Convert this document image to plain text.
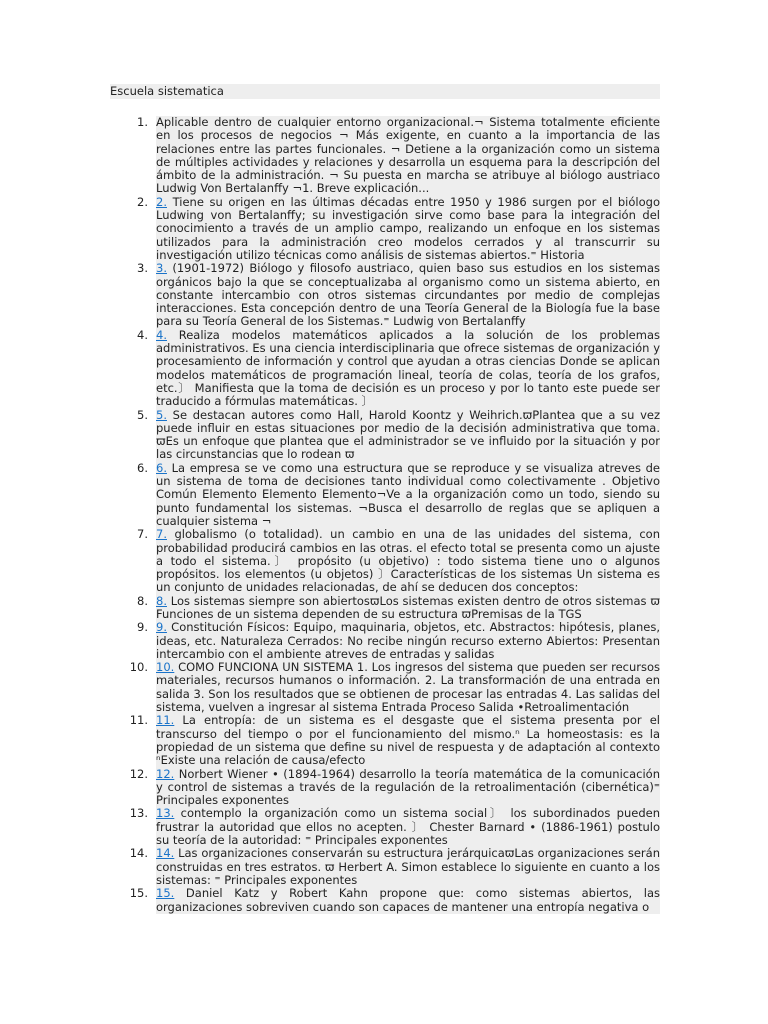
Escuela sistematica
1. Aplicable dentro de cualquier entorno organizacional.¬ Sistema totalmente eficiente en los procesos de negocios ¬ Más exigente, en cuanto a la importancia de las relaciones entre las partes funcionales. ¬ Detiene a la organización como un sistema de múltiples actividades y relaciones y desarrolla un esquema para la descripción del ámbito de la administración. ¬ Su puesta en marcha se atribuye al biólogo austriaco Ludwig Von Bertalanffy ¬1. Breve explicación...
2. 2. Tiene su origen en las últimas décadas entre 1950 y 1986 surgen por el biólogo Ludwing von Bertalanffy; su investigación sirve como base para la integración del conocimiento a través de un amplio campo, realizando un enfoque en los sistemas utilizados para la administración creo modelos cerrados y al transcurrir su investigación utilizo técnicas como análisis de sistemas abiertos.⁼ Historia
3. 3. (1901-1972) Biólogo y filosofo austriaco, quien baso sus estudios en los sistemas orgánicos bajo la que se conceptualizaba al organismo como un sistema abierto, en constante intercambio con otros sistemas circundantes por medio de complejas interacciones. Esta concepción dentro de una Teoría General de la Biología fue la base para su Teoría General de los Sistemas.⁼ Ludwig von Bertalanffy
4. 4. Realiza modelos matemáticos aplicados a la solución de los problemas administrativos. Es una ciencia interdisciplinaria que ofrece sistemas de organización y procesamiento de información y control que ayudan a otras ciencias Donde se aplican modelos matemáticos de programación lineal, teoría de colas, teoría de los grafos, etc.〕 Manifiesta que la toma de decisión es un proceso y por lo tanto este puede ser traducido a fórmulas matemáticas. 〕
5. 5. Se destacan autores como Hall, Harold Koontz y Weihrich.ϖPlantea que a su vez puede influir en estas situaciones por medio de la decisión administrativa que toma. ϖEs un enfoque que plantea que el administrador se ve influido por la situación y por las circunstancias que lo rodean ϖ
6. 6. La empresa se ve como una estructura que se reproduce y se visualiza atreves de un sistema de toma de decisiones tanto individual como colectivamente . Objetivo Común Elemento Elemento Elemento¬Ve a la organización como un todo, siendo su punto fundamental los sistemas. ¬Busca el desarrollo de reglas que se apliquen a cualquier sistema ¬
7. 7. globalismo (o totalidad). un cambio en una de las unidades del sistema, con probabilidad producirá cambios en las otras. el efecto total se presenta como un ajuste a todo el sistema.〕 propósito (u objetivo) : todo sistema tiene uno o algunos propósitos. los elementos (u objetos) 〕Características de los sistemas Un sistema es un conjunto de unidades relacionadas, de ahí se deducen dos conceptos:
8. 8. Los sistemas siempre son abiertosϖLos sistemas existen dentro de otros sistemas ϖ Funciones de un sistema dependen de su estructura ϖPremisas de la TGS
9. 9. Constitución Físicos: Equipo, maquinaria, objetos, etc. Abstractos: hipótesis, planes, ideas, etc. Naturaleza Cerrados: No recibe ningún recurso externo Abiertos: Presentan intercambio con el ambiente atreves de entradas y salidas
10. 10. COMO FUNCIONA UN SISTEMA 1. Los ingresos del sistema que pueden ser recursos materiales, recursos humanos o información. 2. La transformación de una entrada en salida 3. Son los resultados que se obtienen de procesar las entradas 4. Las salidas del sistema, vuelven a ingresar al sistema Entrada Proceso Salida •Retroalimentación
11. 11. La entropía: de un sistema es el desgaste que el sistema presenta por el transcurso del tiempo o por el funcionamiento del mismo.ⁿ La homeostasis: es la propiedad de un sistema que define su nivel de respuesta y de adaptación al contexto ⁿExiste una relación de causa/efecto
12. 12. Norbert Wiener • (1894-1964) desarrollo la teoría matemática de la comunicación y control de sistemas a través de la regulación de la retroalimentación (cibernética)⁼ Principales exponentes
13. 13. contemplo la organización como un sistema social〕 los subordinados pueden frustrar la autoridad que ellos no acepten. 〕 Chester Barnard • (1886-1961) postulo su teoría de la autoridad: ⁼ Principales exponentes
14. 14. Las organizaciones conservarán su estructura jerárquicaϖLas organizaciones serán construidas en tres estratos. ϖ Herbert A. Simon establece lo siguiente en cuanto a los sistemas: ⁼ Principales exponentes
15. 15. Daniel Katz y Robert Kahn propone que: como sistemas abiertos, las organizaciones sobreviven cuando son capaces de mantener una entropía negativa o
